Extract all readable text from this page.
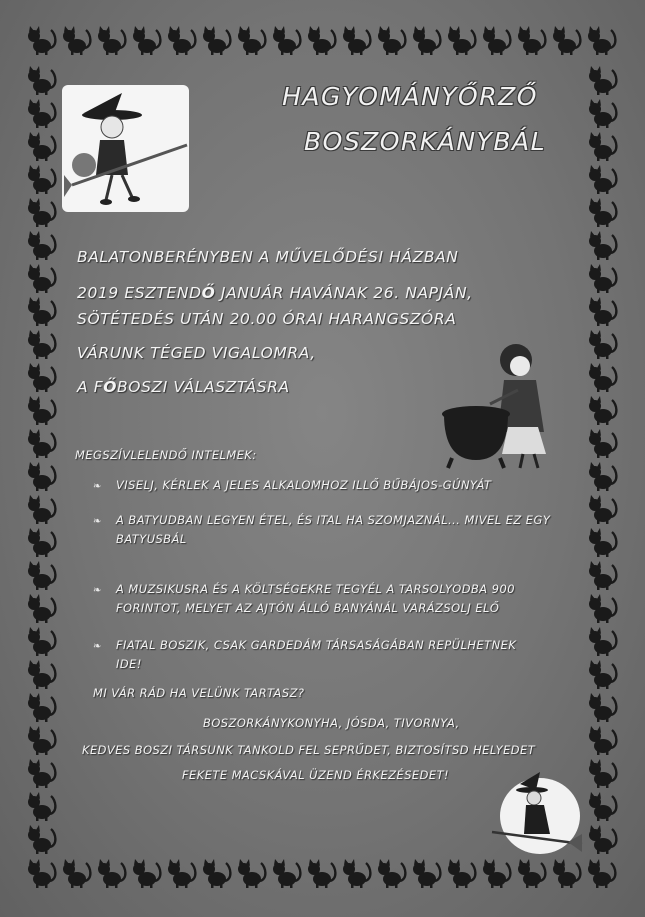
HAGYOMÁNYŐRZŐ
BOSZORKÁNYBÁL
BALATONBERÉNYBEN A MŰVELŐDÉSI HÁZBAN
2019 ESZTENDŐ JANUÁR HAVÁNAK 26. NAPJÁN,
SÖTÉTEDÉS UTÁN 20.00 ÓRAI HARANGSZÓRA
VÁRUNK TÉGED VIGALOMRA,
A FŐBOSZI VÁLASZTÁSRA
MEGSZÍVLELENDŐ INTELMEK:
❧ VISELJ, KÉRLEK A JELES ALKALOMHOZ ILLŐ BŰBÁJOS-GÚNYÁT
❧ A BATYUDBAN LEGYEN ÉTEL, ÉS ITAL HA SZOMJAZNÁL... MIVEL EZ EGY
BATYUSBÁL
❧ A MUZSIKUSRA ÉS A KÖLTSÉGEKRE TEGYÉL A TARSOLYODBA 900
FORINTOT, MELYET AZ AJTÓN ÁLLÓ BANYÁNÁL VARÁZSOLJ ELŐ
❧ FIATAL BOSZIK, CSAK GARDEDÁM TÁRSASÁGÁBAN REPÜLHETNEK
IDE!
MI VÁR RÁD HA VELÜNK TARTASZ?
BOSZORKÁNYKONYHA, JÓSDA, TIVORNYA,
KEDVES BOSZI TÁRSUNK TANKOLD FEL SEPRŰDET, BIZTOSÍTSD HELYEDET
FEKETE MACSKÁVAL ÜZEND ÉRKEZÉSEDET!
